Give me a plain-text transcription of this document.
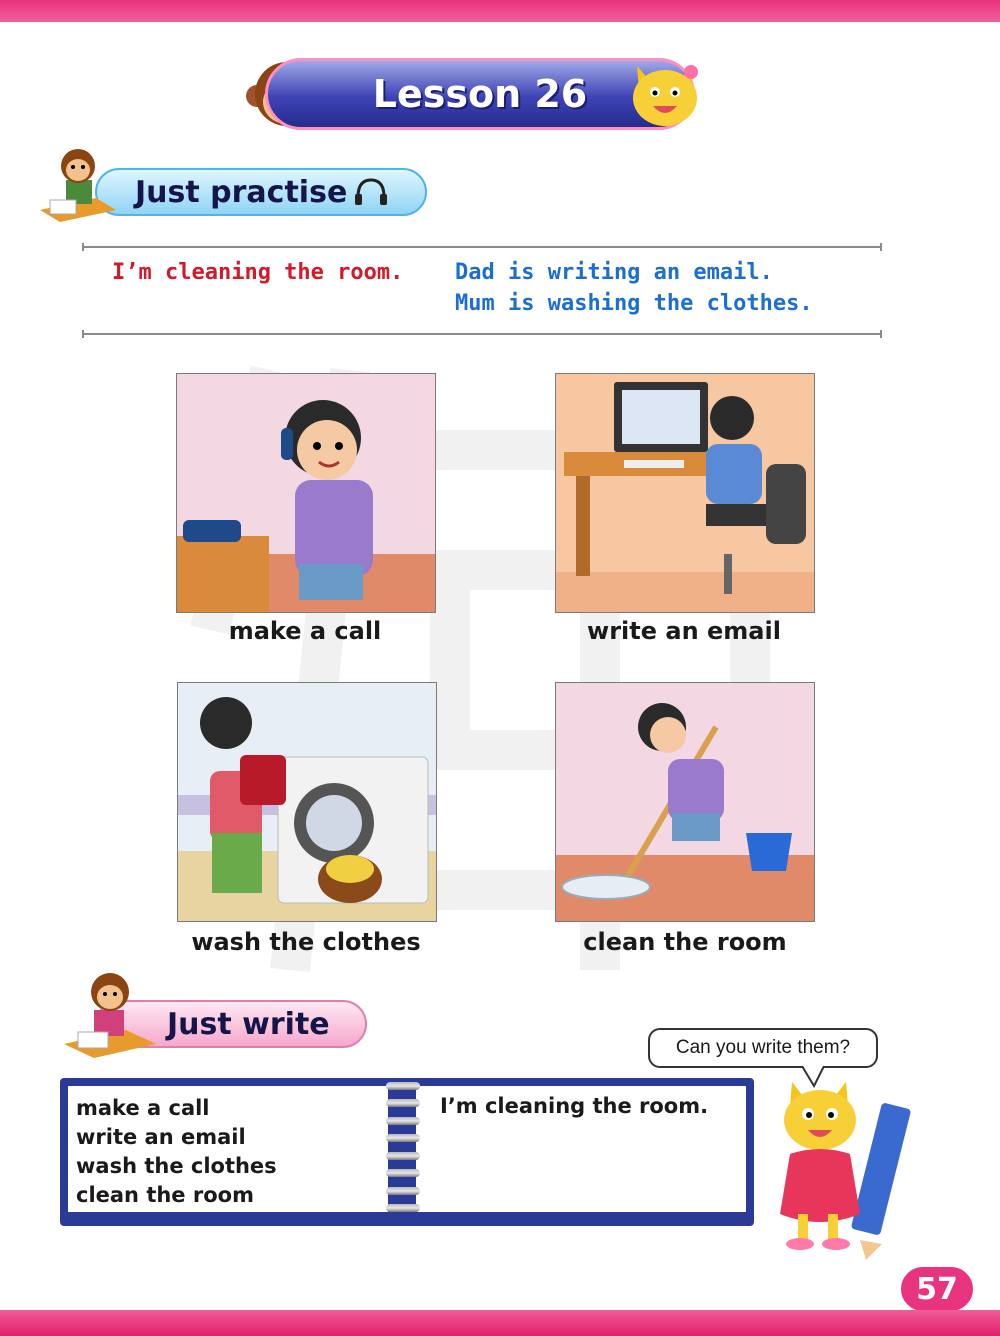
Lesson 26
Just practise
I’m cleaning the room. Dad is writing an email.
Mum is washing the clothes.
make a call	write an email
wash the clothes	clean the room
Just write
make a call
write an email
wash the clothes
clean the room
I’m cleaning the room.
Can you write them?
57
